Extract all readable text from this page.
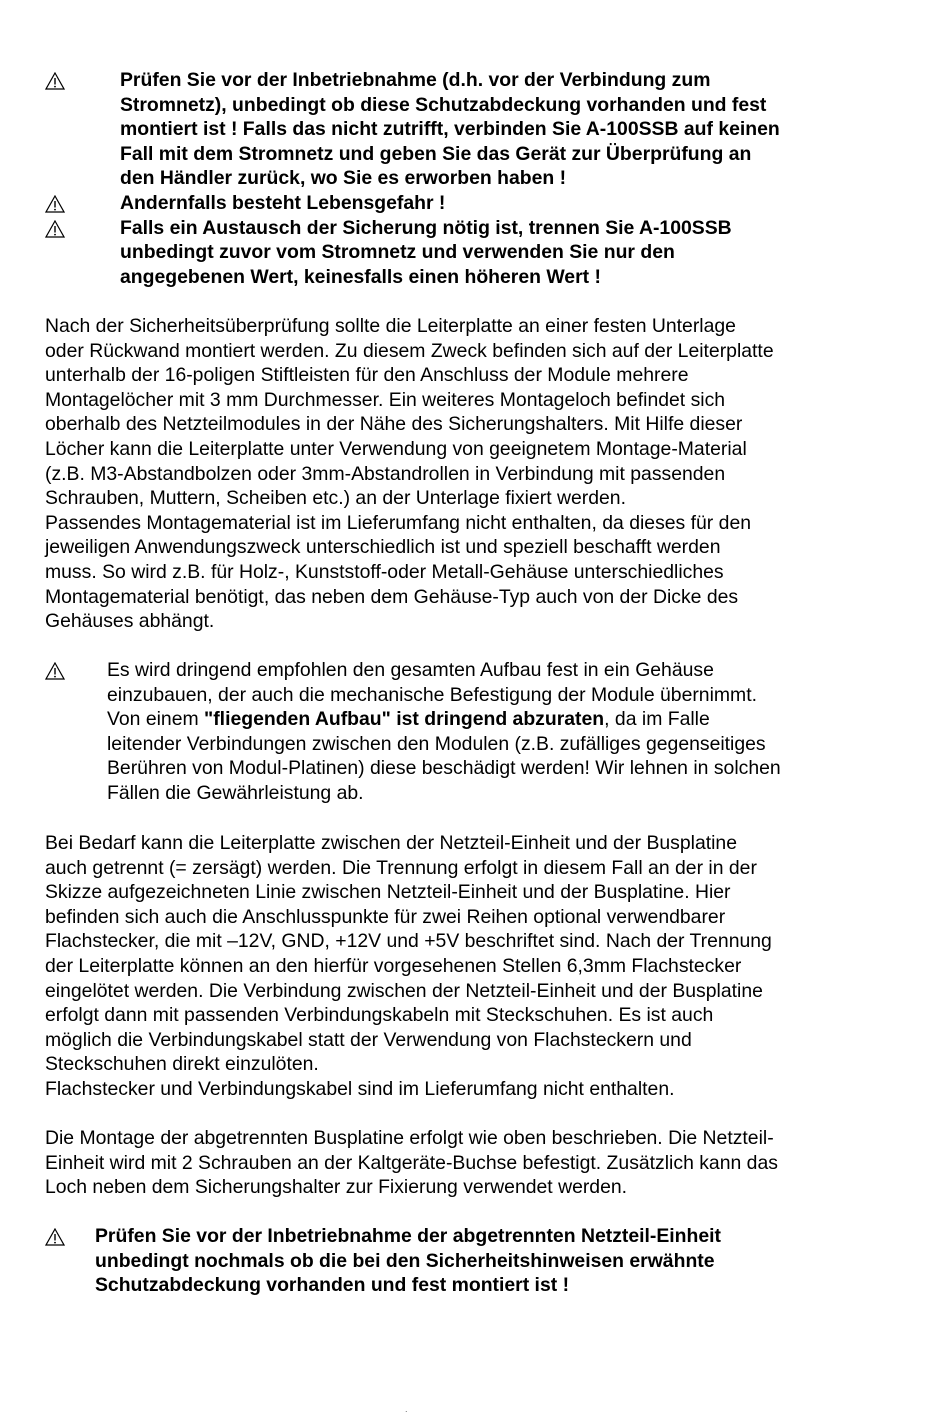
Prüfen Sie vor der Inbetriebnahme (d.h. vor der Verbindung zum
Stromnetz), unbedingt ob diese Schutzabdeckung vorhanden und fest
montiert ist ! Falls das nicht zutrifft, verbinden Sie A-100SSB auf keinen
Fall mit dem Stromnetz und geben Sie das Gerät zur Überprüfung an
den Händler zurück, wo Sie es erworben haben !
Andernfalls besteht Lebensgefahr !
Falls ein Austausch der Sicherung nötig ist, trennen Sie A-100SSB
unbedingt zuvor vom Stromnetz und verwenden Sie nur den
angegebenen Wert, keinesfalls einen höheren Wert !
Nach der Sicherheitsüberprüfung sollte die Leiterplatte an einer festen Unterlage
oder Rückwand montiert werden. Zu diesem Zweck befinden sich auf der Leiterplatte
unterhalb der 16-poligen Stiftleisten für den Anschluss der Module mehrere
Montagelöcher mit 3 mm Durchmesser. Ein weiteres Montageloch befindet sich
oberhalb des Netzteilmodules in der Nähe des Sicherungshalters. Mit Hilfe dieser
Löcher kann die Leiterplatte unter Verwendung von geeignetem Montage-Material
(z.B. M3-Abstandbolzen oder 3mm-Abstandrollen in Verbindung mit passenden
Schrauben, Muttern, Scheiben etc.) an der Unterlage fixiert werden.
Passendes Montagematerial ist im Lieferumfang nicht enthalten, da dieses für den
jeweiligen Anwendungszweck unterschiedlich ist und speziell beschafft werden
muss. So wird z.B. für Holz-, Kunststoff-oder Metall-Gehäuse unterschiedliches
Montagematerial benötigt, das neben dem Gehäuse-Typ auch von der Dicke des
Gehäuses abhängt.
Es wird dringend empfohlen den gesamten Aufbau fest in ein Gehäuse
einzubauen, der auch die mechanische Befestigung der Module übernimmt.
Von einem "fliegenden Aufbau" ist dringend abzuraten, da im Falle
leitender Verbindungen zwischen den Modulen (z.B. zufälliges gegenseitiges
Berühren von Modul-Platinen) diese beschädigt werden! Wir lehnen in solchen
Fällen die Gewährleistung ab.
Bei Bedarf kann die Leiterplatte zwischen der Netzteil-Einheit und der Busplatine
auch getrennt (= zersägt) werden. Die Trennung erfolgt in diesem Fall an der in der
Skizze aufgezeichneten Linie zwischen Netzteil-Einheit und der Busplatine. Hier
befinden sich auch die Anschlusspunkte für zwei Reihen optional verwendbarer
Flachstecker, die mit –12V, GND, +12V und +5V beschriftet sind. Nach der Trennung
der Leiterplatte können an den hierfür vorgesehenen Stellen 6,3mm Flachstecker
eingelötet werden. Die Verbindung zwischen der Netzteil-Einheit und der Busplatine
erfolgt dann mit passenden Verbindungskabeln mit Steckschuhen. Es ist auch
möglich die Verbindungskabel statt der Verwendung von Flachsteckern und
Steckschuhen direkt einzulöten.
Flachstecker und Verbindungskabel sind im Lieferumfang nicht enthalten.
Die Montage der abgetrennten Busplatine erfolgt wie oben beschrieben. Die Netzteil-
Einheit wird mit 2 Schrauben an der Kaltgeräte-Buchse befestigt. Zusätzlich kann das
Loch neben dem Sicherungshalter zur Fixierung verwendet werden.
Prüfen Sie vor der Inbetriebnahme der abgetrennten Netzteil-Einheit
unbedingt nochmals ob die bei den Sicherheitshinweisen erwähnte
Schutzabdeckung vorhanden und fest montiert ist !
.
